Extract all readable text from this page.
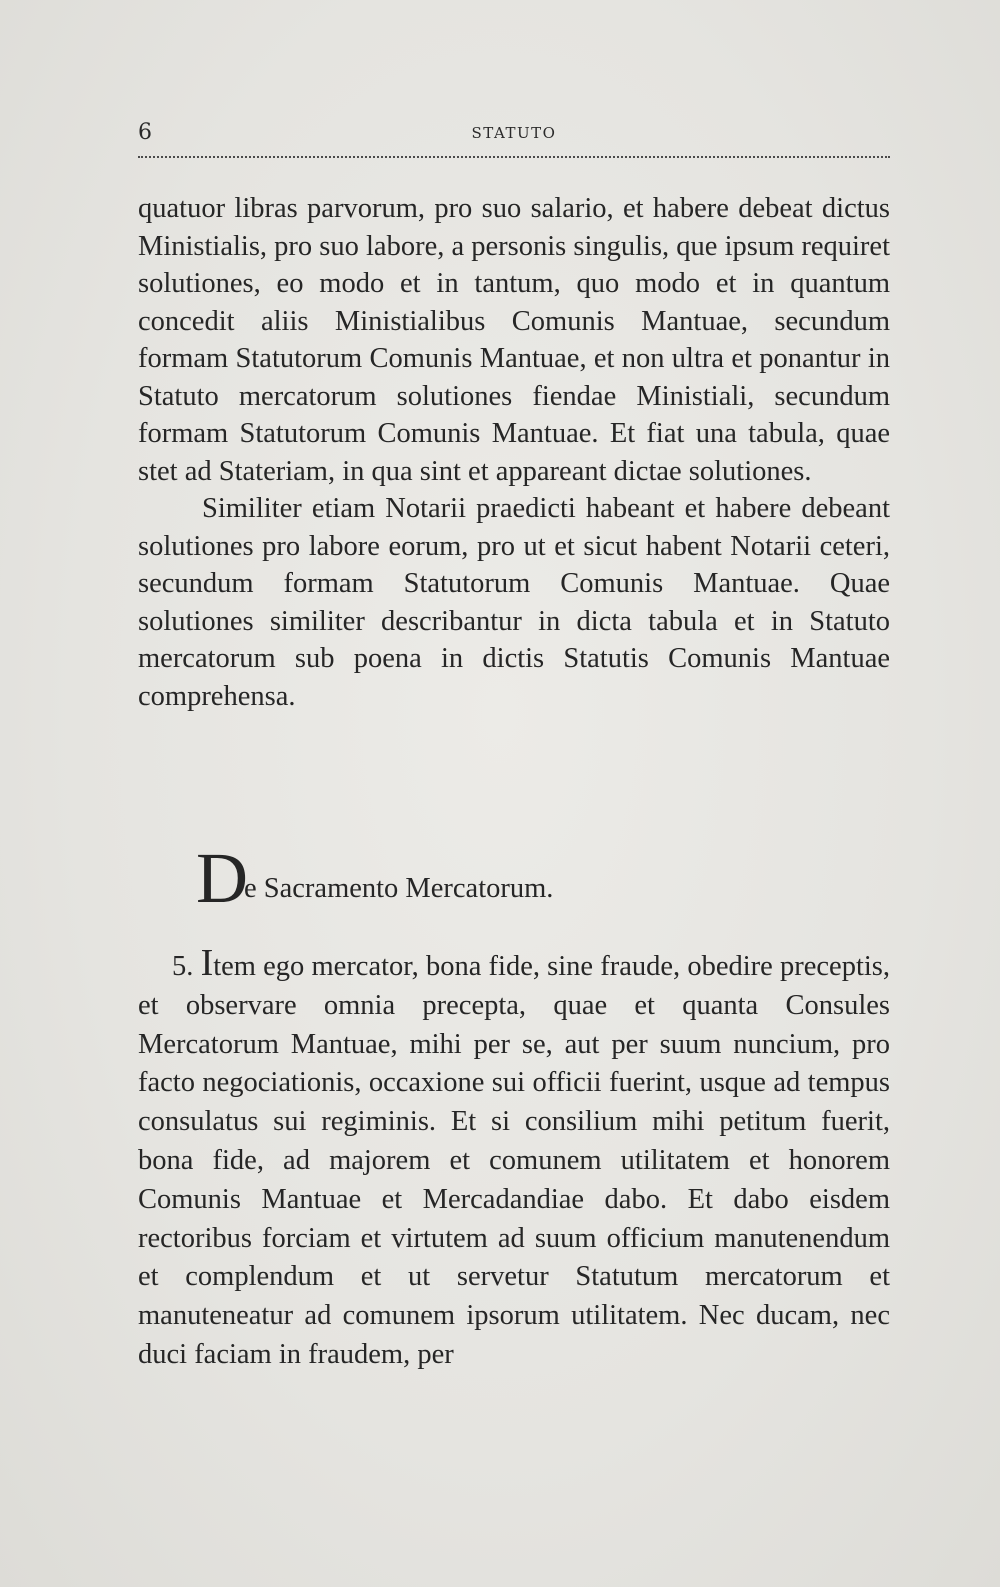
6	STATUTO

quatuor libras parvorum, pro suo salario, et habere debeat dictus Ministialis, pro suo labore, a personis singulis, que ipsum requiret solutiones, eo modo et in tantum, quo modo et in quantum concedit aliis Ministialibus Comunis Mantuae, secundum formam Statutorum Comunis Mantuae, et non ultra et ponantur in Statuto mercatorum solutiones fiendae Ministiali, secundum formam Statutorum Comunis Mantuae. Et fiat una tabula, quae stet ad Stateriam, in qua sint et appareant dictae solutiones.

Similiter etiam Notarii praedicti habeant et habere debeant solutiones pro labore eorum, pro ut et sicut habent Notarii ceteri, secundum formam Statutorum Comunis Mantuae. Quae solutiones similiter describantur in dicta tabula et in Statuto mercatorum sub poena in dictis Statutis Comunis Mantuae comprehensa.

D
e Sacramento Mercatorum.

5. Item ego mercator, bona fide, sine fraude, obedire preceptis, et observare omnia precepta, quae et quanta Consules Mercatorum Mantuae, mihi per se, aut per suum nuncium, pro facto negociationis, occaxione sui officii fuerint, usque ad tempus consulatus sui regiminis. Et si consilium mihi petitum fuerit, bona fide, ad majorem et comunem utilitatem et honorem Comunis Mantuae et Mercadandiae dabo. Et dabo eisdem rectoribus forciam et virtutem ad suum officium manutenendum et complendum et ut servetur Statutum mercatorum et manuteneatur ad comunem ipsorum utilitatem. Nec ducam, nec duci faciam in fraudem, per
